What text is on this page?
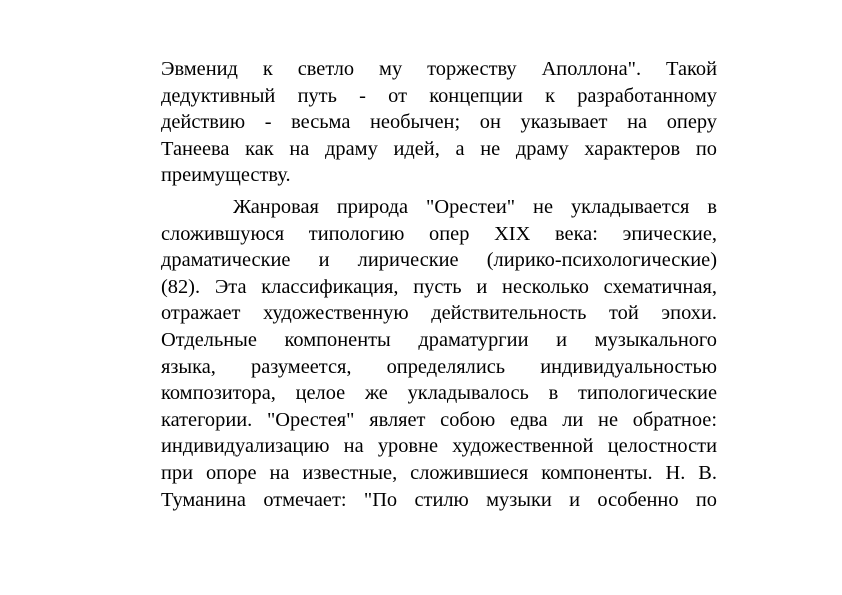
Эвменид к светло му торжеству Аполлона". Такой
дедуктивный путь - от концепции к разработанному
действию - весьма необычен; он указывает на оперу
Танеева как на драму идей, а не драму характеров по
преимуществу.
Жанровая природа "Орестеи" не укладывается в
сложившуюся типологию опер XIX века: эпические,
драматические и лирические (лирико-психологические)
(82). Эта классификация, пусть и несколько схематичная,
отражает художественную действительность той эпохи.
Отдельные компоненты драматургии и музыкального
языка, разумеется, определялись индивидуальностью
композитора, целое же укладывалось в типологические
категории. "Орестея" являет собою едва ли не обратное:
индивидуализацию на уровне художественной целостности
при опоре на известные, сложившиеся компоненты. Н. В.
Туманина отмечает: "По стилю музыки и особенно по
